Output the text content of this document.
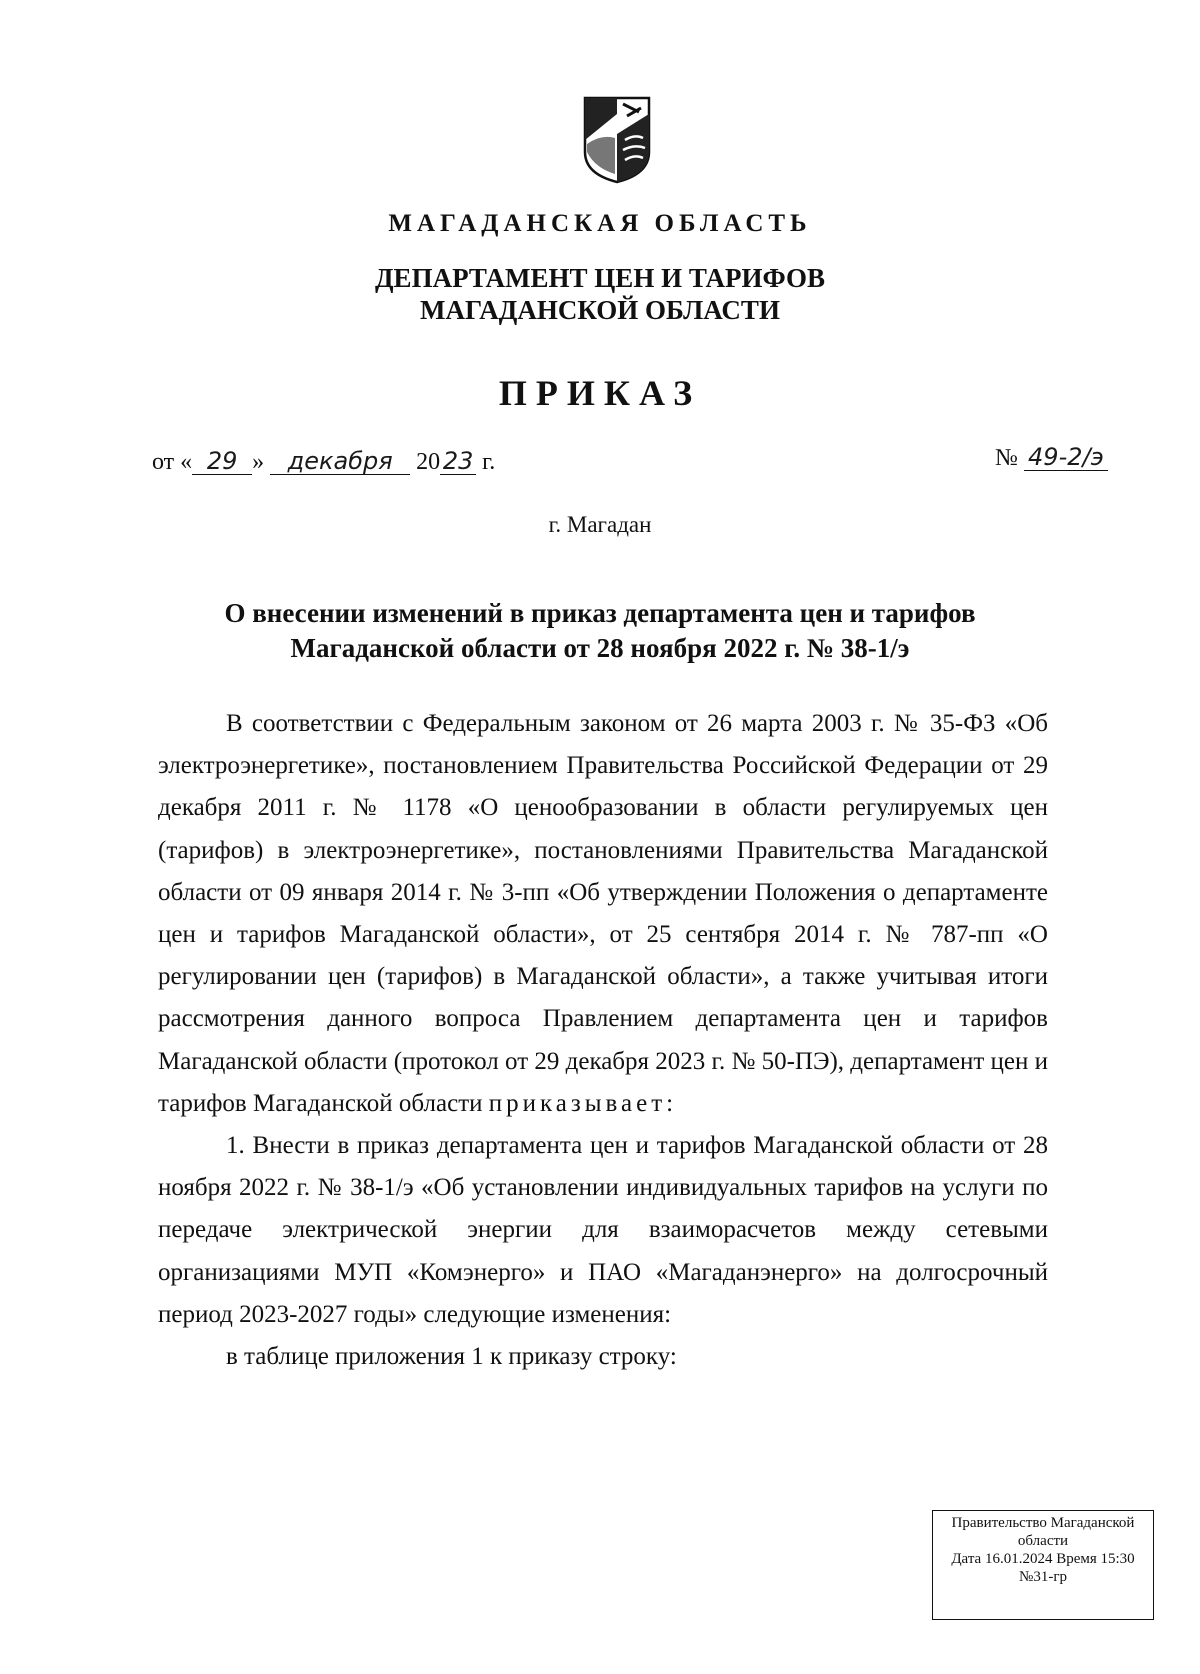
МАГАДАНСКАЯ ОБЛАСТЬ
ДЕПАРТАМЕНТ ЦЕН И ТАРИФОВ
МАГАДАНСКОЙ ОБЛАСТИ
ПРИКАЗ
от « 29 » декабря 20 23 г.	№ 49-2/э
г. Магадан
О внесении изменений в приказ департамента цен и тарифов
Магаданской области от 28 ноября 2022 г. № 38-1/э

В соответствии с Федеральным законом от 26 марта 2003 г. № 35-ФЗ «Об электроэнергетике», постановлением Правительства Российской Федерации от 29 декабря 2011 г. № 1178 «О ценообразовании в области регулируемых цен (тарифов) в электроэнергетике», постановлениями Правительства Магаданской области от 09 января 2014 г. № 3-пп «Об утверждении Положения о департаменте цен и тарифов Магаданской области», от 25 сентября 2014 г. № 787-пп «О регулировании цен (тарифов) в Магаданской области», а также учитывая итоги рассмотрения данного вопроса Правлением департамента цен и тарифов Магаданской области (протокол от 29 декабря 2023 г. № 50-ПЭ), департамент цен и тарифов Магаданской области приказывает:

1. Внести в приказ департамента цен и тарифов Магаданской области от 28 ноября 2022 г. № 38-1/э «Об установлении индивидуальных тарифов на услуги по передаче электрической энергии для взаиморасчетов между сетевыми организациями МУП «Комэнерго» и ПАО «Магаданэнерго» на долгосрочный период 2023-2027 годы» следующие изменения:

в таблице приложения 1 к приказу строку:

Правительство Магаданской
области
Дата 16.01.2024 Время 15:30
№31-гр
